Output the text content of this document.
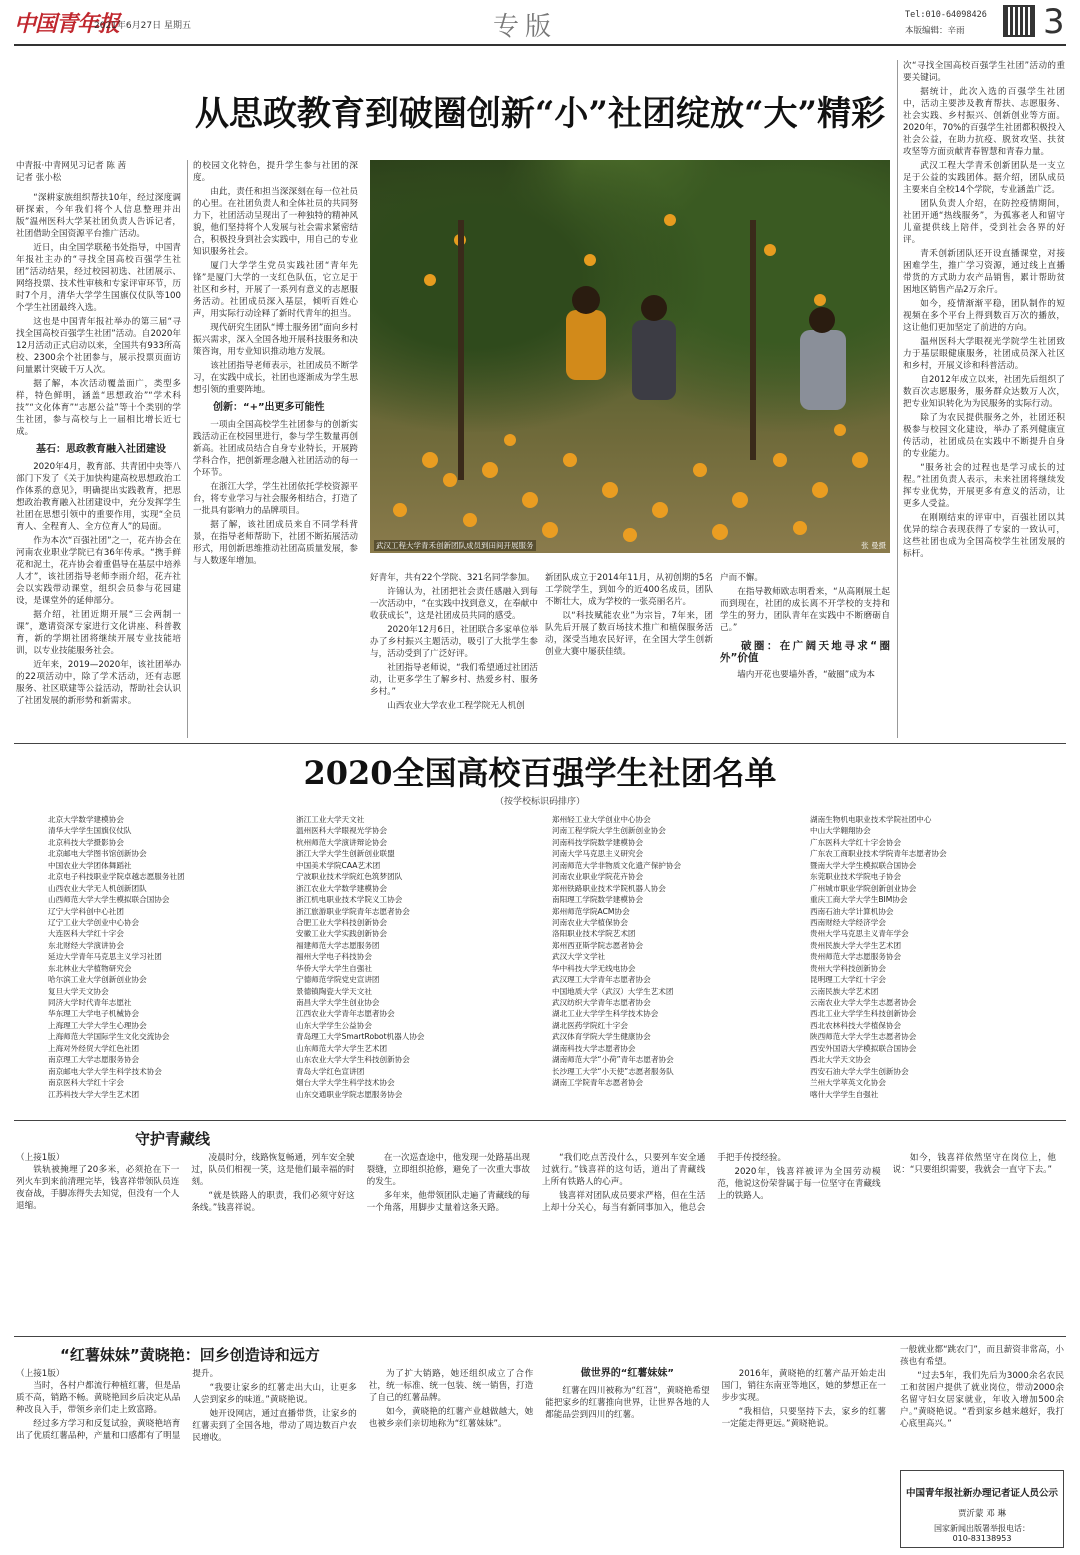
中国青年报
2021年6月27日 星期五	专版	Tel:010-64098426
本版编辑：辛雨 3
从思政教育到破圈创新“小”社团绽放“大”精彩
中青报·中青网见习记者 陈 茜
记者 张小松

“深耕家族组织帮扶10年，经过深度调研探索，今年我们将个人信息整理并出版”温州医科大学某社团负责人告诉记者，社团借助全国资源平台推广活动。

近日，由全国学联秘书处指导，中国青年报社主办的“寻找全国高校百强学生社团”活动结果，经过校园初选、社团展示、网络投票、技术性审核和专家评审环节，历时7个月，清华大学学生国旗仪仗队等100个学生社团最终入选。

这也是中国青年报社举办的第三届“寻找全国高校百强学生社团”活动。自2020年12月活动正式启动以来，全国共有933所高校、2300余个社团参与，展示投票页面访问量累计突破千万人次。

据了解，本次活动覆盖面广，类型多样，特色鲜明，涵盖“思想政治”“学术科技”“文化体育”“志愿公益”等十个类别的学生社团，参与高校与上一届相比增长近七成。

基石：思政教育融入社团建设

2020年4月，教育部、共青团中央等八部门下发了《关于加快构建高校思想政治工作体系的意见》，明确提出实践教育，把思想政治教育融入社团建设中，充分发挥学生社团在思想引领中的重要作用，实现“全员育人、全程育人、全方位育人”的局面。

作为本次“百强社团”之一，花卉协会在河南农业职业学院已有36年传承。“携手鲜花和泥土，花卉协会着重倡导在基层中培养人才”，该社团指导老师李雨介绍，花卉社会以实践带动课堂，组织会员参与花园建设，是课堂外的延伸部分。

据介绍，社团近期开展“三会两制一课”，邀请资深专家进行文化讲座、科普教育，新的学期社团将继续开展专业技能培训，以专业技能服务社会。

近年来，2019—2020年，该社团举办的22项活动中，除了学术活动，还有志愿服务、社区联建等公益活动，帮助社会认识了社团发展的新形势和新需求。

的校园文化特色，提升学生参与社团的深度。

由此，责任和担当深深刻在每一位社员的心里。在社团负责人和全体社员的共同努力下，社团活动呈现出了一种独特的精神风貌，他们坚持将个人发展与社会需求紧密结合，积极投身到社会实践中，用自己的专业知识服务社会。

厦门大学学生党员实践社团“青年先锋”是厦门大学的一支红色队伍，它立足于社区和乡村，开展了一系列有意义的志愿服务活动。社团成员深入基层，倾听百姓心声，用实际行动诠释了新时代青年的担当。

现代研究生团队“博士服务团”面向乡村振兴需求，深入全国各地开展科技服务和决策咨询，用专业知识推动地方发展。

该社团指导老师表示，社团成员不断学习，在实践中成长，社团也逐渐成为学生思想引领的重要阵地。

创新：“+”出更多可能性

一项由全国高校学生社团参与的创新实践活动正在校园里进行，参与学生数量再创新高。社团成员结合自身专业特长，开展跨学科合作，把创新理念融入社团活动的每一个环节。

在浙江大学，学生社团依托学校资源平台，将专业学习与社会服务相结合，打造了一批具有影响力的品牌项目。

据了解，该社团成员来自不同学科背景，在指导老师帮助下，社团不断拓展活动形式，用创新思维推动社团高质量发展，参与人数逐年增加。

武汉工程大学青禾创新团队成员到田间开展服务	张 曼摄

好青年，共有22个学院、321名同学参加。

许锦认为，社团把社会责任感融入到每一次活动中，“在实践中找到意义，在奉献中收获成长”，这是社团成员共同的感受。

2020年12月6日，社团联合多家单位举办了乡村振兴主题活动，吸引了大批学生参与，活动受到了广泛好评。

社团指导老师说，“我们希望通过社团活动，让更多学生了解乡村、热爱乡村、服务乡村。”

山西农业大学农业工程学院无人机创

新团队成立于2014年11月，从初创期的5名工学院学生，到如今的近400名成员，团队不断壮大，成为学校的一张亮丽名片。

以“科技赋能农业”为宗旨，7年来，团队先后开展了数百场技术推广和植保服务活动，深受当地农民好评，在全国大学生创新创业大赛中屡获佳绩。

户而不懈。

在指导教师欧志明看来，“从高刚展土起而到现在，社团的成长离不开学校的支持和学生的努力，团队青年在实践中不断磨砺自己。”

破圈：在广阔天地寻求“圈外”价值

墙内开花也要墙外香，“破圈”成为本

次“寻找全国高校百强学生社团”活动的重要关键词。

据统计，此次入选的百强学生社团中，活动主要涉及教育帮扶、志愿服务、社会实践、乡村振兴、创新创业等方面。2020年，70%的百强学生社团都积极投入社会公益，在助力抗疫、脱贫攻坚、扶贫攻坚等方面贡献青春智慧和青春力量。

武汉工程大学青禾创新团队是一支立足于公益的实践团体。据介绍，团队成员主要来自全校14个学院，专业涵盖广泛。

团队负责人介绍，在防控疫情期间，社团开通“热线服务”，为孤寡老人和留守儿童提供线上陪伴，受到社会各界的好评。

青禾创新团队还开设直播课堂，对接困难学生，推广学习资源，通过线上直播带货的方式助力农产品销售，累计帮助贫困地区销售产品2万余斤。

如今，疫情渐渐平稳，团队制作的短视频在多个平台上得到数百万次的播放，这让他们更加坚定了前进的方向。

温州医科大学眼视光学院学生社团致力于基层眼健康服务，社团成员深入社区和乡村，开展义诊和科普活动。

自2012年成立以来，社团先后组织了数百次志愿服务，服务群众达数万人次，把专业知识转化为为民服务的实际行动。

除了为农民提供服务之外，社团还积极参与校园文化建设，举办了系列健康宣传活动，社团成员在实践中不断提升自身的专业能力。

“服务社会的过程也是学习成长的过程。”社团负责人表示，未来社团将继续发挥专业优势，开展更多有意义的活动，让更多人受益。

在刚刚结束的评审中，百强社团以其优异的综合表现获得了专家的一致认可，这些社团也成为全国高校学生社团发展的标杆。

2020全国高校百强学生社团名单
（按学校标识码排序）
北京大学数学建模协会
清华大学学生国旗仪仗队
北京科技大学摄影协会
北京邮电大学图书馆创新协会
中国农业大学团体舞蹈社
北京电子科技职业学院卓越志愿服务社团
山西农业大学无人机创新团队
山西师范大学大学生模拟联合国协会
辽宁大学科创中心社团
辽宁工业大学创业中心协会
大连医科大学红十字会
东北财经大学演讲协会
延边大学青年马克思主义学习社团
东北林业大学植物研究会
哈尔滨工业大学创新创业协会
复旦大学天文协会
同济大学时代青年志愿社
华东理工大学电子机械协会
上海理工大学大学生心理协会
上海师范大学国际学生文化交流协会
上海对外经贸大学红色社团
南京理工大学志愿服务协会
南京邮电大学大学生科学技术协会
南京医科大学红十字会
江苏科技大学大学生艺术团
浙江工业大学天文社
温州医科大学眼视光学协会
杭州师范大学演讲辩论协会
浙江大学大学生创新创业联盟
中国美术学院CAA艺术团
宁波职业技术学院红色筑梦团队
浙江农业大学数学建模协会
浙江机电职业技术学院义工协会
浙江旅游职业学院青年志愿者协会
合肥工业大学科技创新协会
安徽工业大学实践创新协会
福建师范大学志愿服务团
福州大学电子科技协会
华侨大学大学生自强社
宁德师范学院党史宣讲团
景德镇陶瓷大学天文社
南昌大学大学生创业协会
江西农业大学青年志愿者协会
山东大学学生公益协会
青岛理工大学SmartRobot机器人协会
山东师范大学大学生艺术团
山东农业大学大学生科技创新协会
青岛大学红色宣讲团
烟台大学大学生科学技术协会
山东交通职业学院志愿服务协会
郑州轻工业大学创业中心协会
河南工程学院大学生创新创业协会
河南科技学院数学建模协会
河南大学马克思主义研究会
河南师范大学非物质文化遗产保护协会
河南农业职业学院花卉协会
郑州铁路职业技术学院机器人协会
南阳理工学院数学建模协会
郑州师范学院ACM协会
河南农业大学植保协会
洛阳职业技术学院艺术团
郑州西亚斯学院志愿者协会
武汉大学文学社
华中科技大学无线电协会
武汉理工大学青年志愿者协会
中国地质大学（武汉）大学生艺术团
武汉纺织大学青年志愿者协会
湖北工业大学学生科学技术协会
湖北医药学院红十字会
武汉体育学院大学生健康协会
湖南科技大学志愿者协会
湖南师范大学“小荷”青年志愿者协会
长沙理工大学“小天使”志愿者服务队
湖南工学院青年志愿者协会
湖南生物机电职业技术学院社团中心
中山大学翱翔协会
广东医科大学红十字会协会
广东农工商职业技术学院青年志愿者协会
暨南大学大学生模拟联合国协会
东莞职业技术学院电子协会
广州城市职业学院创新创业协会
重庆工商大学大学生BIM协会
西南石油大学计算机协会
西南财经大学经济学会
贵州大学马克思主义青年学会
贵州民族大学大学生艺术团
贵州师范大学志愿服务协会
贵州大学科技创新协会
昆明理工大学红十字会
云南民族大学艺术团
云南农业大学大学生志愿者协会
西北工业大学学生科技创新协会
西北农林科技大学植保协会
陕西师范大学大学生志愿者协会
西安外国语大学模拟联合国协会
西北大学天文协会
西安石油大学大学生创新协会
兰州大学萃英文化协会
喀什大学学生自强社
守护青藏线
（上接1版）

铁轨被掩埋了20多米，必须抢在下一列火车到来前清理完毕，钱喜祥带领队员连夜奋战，手脚冻得失去知觉，但没有一个人退缩。

凌晨时分，线路恢复畅通，列车安全驶过，队员们相视一笑，这是他们最幸福的时刻。

“就是铁路人的职责，我们必须守好这条线。”钱喜祥说。

在一次巡查途中，他发现一处路基出现裂缝，立即组织抢修，避免了一次重大事故的发生。

多年来，他带领团队走遍了青藏线的每一个角落，用脚步丈量着这条天路。

“我们吃点苦没什么，只要列车安全通过就行。”钱喜祥的这句话，道出了青藏线上所有铁路人的心声。

钱喜祥对团队成员要求严格，但在生活上却十分关心，每当有新同事加入，他总会手把手传授经验。

2020年，钱喜祥被评为全国劳动模范，他说这份荣誉属于每一位坚守在青藏线上的铁路人。

如今，钱喜祥依然坚守在岗位上，他说：“只要组织需要，我就会一直守下去。”

“红薯妹妹”黄晓艳：回乡创造诗和远方
（上接1版）

当时，各村户都流行种植红薯，但是品质不高，销路不畅。黄晓艳回乡后决定从品种改良入手，带领乡亲们走上致富路。

经过多方学习和反复试验，黄晓艳培育出了优质红薯品种，产量和口感都有了明显提升。

“我要让家乡的红薯走出大山，让更多人尝到家乡的味道。”黄晓艳说。

她开设网店，通过直播带货，让家乡的红薯卖到了全国各地，带动了周边数百户农民增收。

为了扩大销路，她还组织成立了合作社，统一标准、统一包装、统一销售，打造了自己的红薯品牌。

如今，黄晓艳的红薯产业越做越大，她也被乡亲们亲切地称为“红薯妹妹”。

做世界的“红薯妹妹”

红薯在四川被称为“红苕”，黄晓艳希望能把家乡的红薯推向世界，让世界各地的人都能品尝到四川的红薯。

2016年，黄晓艳的红薯产品开始走出国门，销往东南亚等地区，她的梦想正在一步步实现。

“我相信，只要坚持下去，家乡的红薯一定能走得更远。”黄晓艳说。

一般就业都“跳农门”，而且薪资非常高，小孩也有希望。

“过去5年，我们先后为3000余名农民工和贫困户提供了就业岗位，带动2000余名留守妇女居家就业，年收入增加500余户。”黄晓艳说。“看到家乡越来越好，我打心底里高兴。”

中国青年报社新办理记者证人员公示
贾沂蒙 邓 琳
国家新闻出版署举报电话：
010-83138953
